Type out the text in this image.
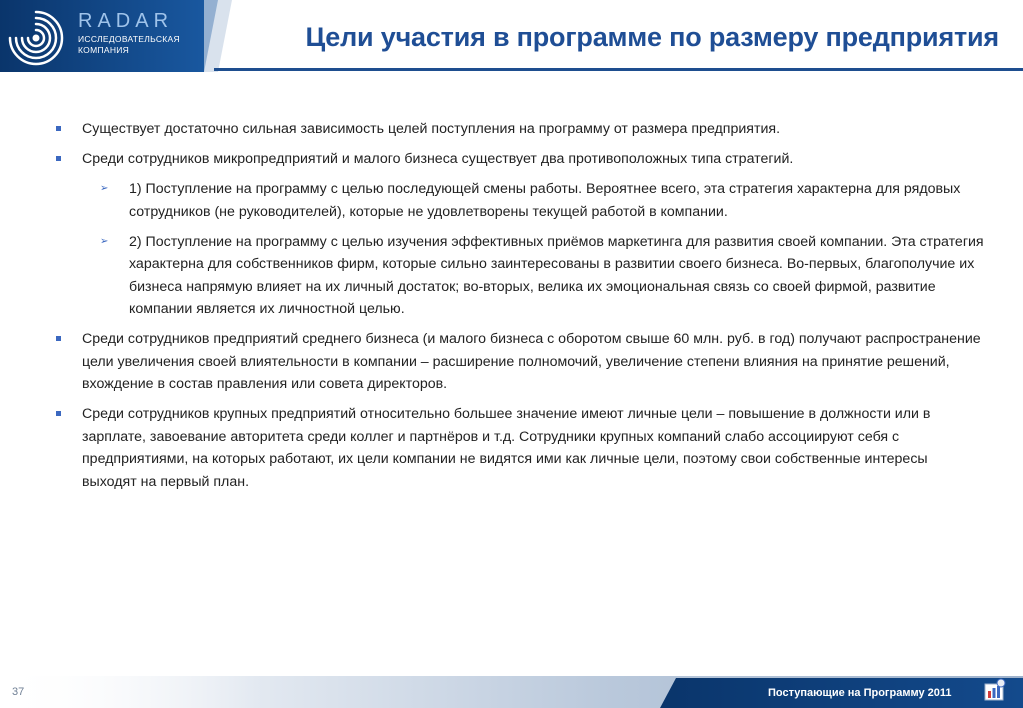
RADAR
ИССЛЕДОВАТЕЛЬСКАЯ
КОМПАНИЯ	Цели участия в программе по размеру предприятия
Существует достаточно сильная зависимость целей поступления на программу от размера предприятия.
Среди сотрудников микропредприятий и малого бизнеса существует два противоположных типа стратегий.
➢ 1) Поступление на программу с целью последующей смены работы. Вероятнее всего, эта стратегия характерна для рядовых сотрудников (не руководителей), которые не удовлетворены текущей работой в компании.
➢ 2) Поступление на программу с целью изучения эффективных приёмов маркетинга для развития своей компании. Эта стратегия характерна для собственников фирм, которые сильно заинтересованы в развитии своего бизнеса. Во-первых, благополучие их бизнеса напрямую влияет на их личный достаток; во-вторых, велика их эмоциональная связь со своей фирмой, развитие компании является их личностной целью.
Среди сотрудников предприятий среднего бизнеса (и малого бизнеса с оборотом свыше 60 млн. руб. в год) получают распространение цели увеличения своей влиятельности в компании – расширение полномочий, увеличение степени влияния на принятие решений, вхождение в состав правления или совета директоров.
Среди сотрудников крупных предприятий относительно большее значение имеют личные цели – повышение в должности или в зарплате, завоевание авторитета среди коллег и партнёров и т.д. Сотрудники крупных компаний слабо ассоциируют себя с предприятиями, на которых работают, их цели компании не видятся ими как личные цели, поэтому свои собственные интересы выходят на первый план.
37	Поступающие на Программу 2011
